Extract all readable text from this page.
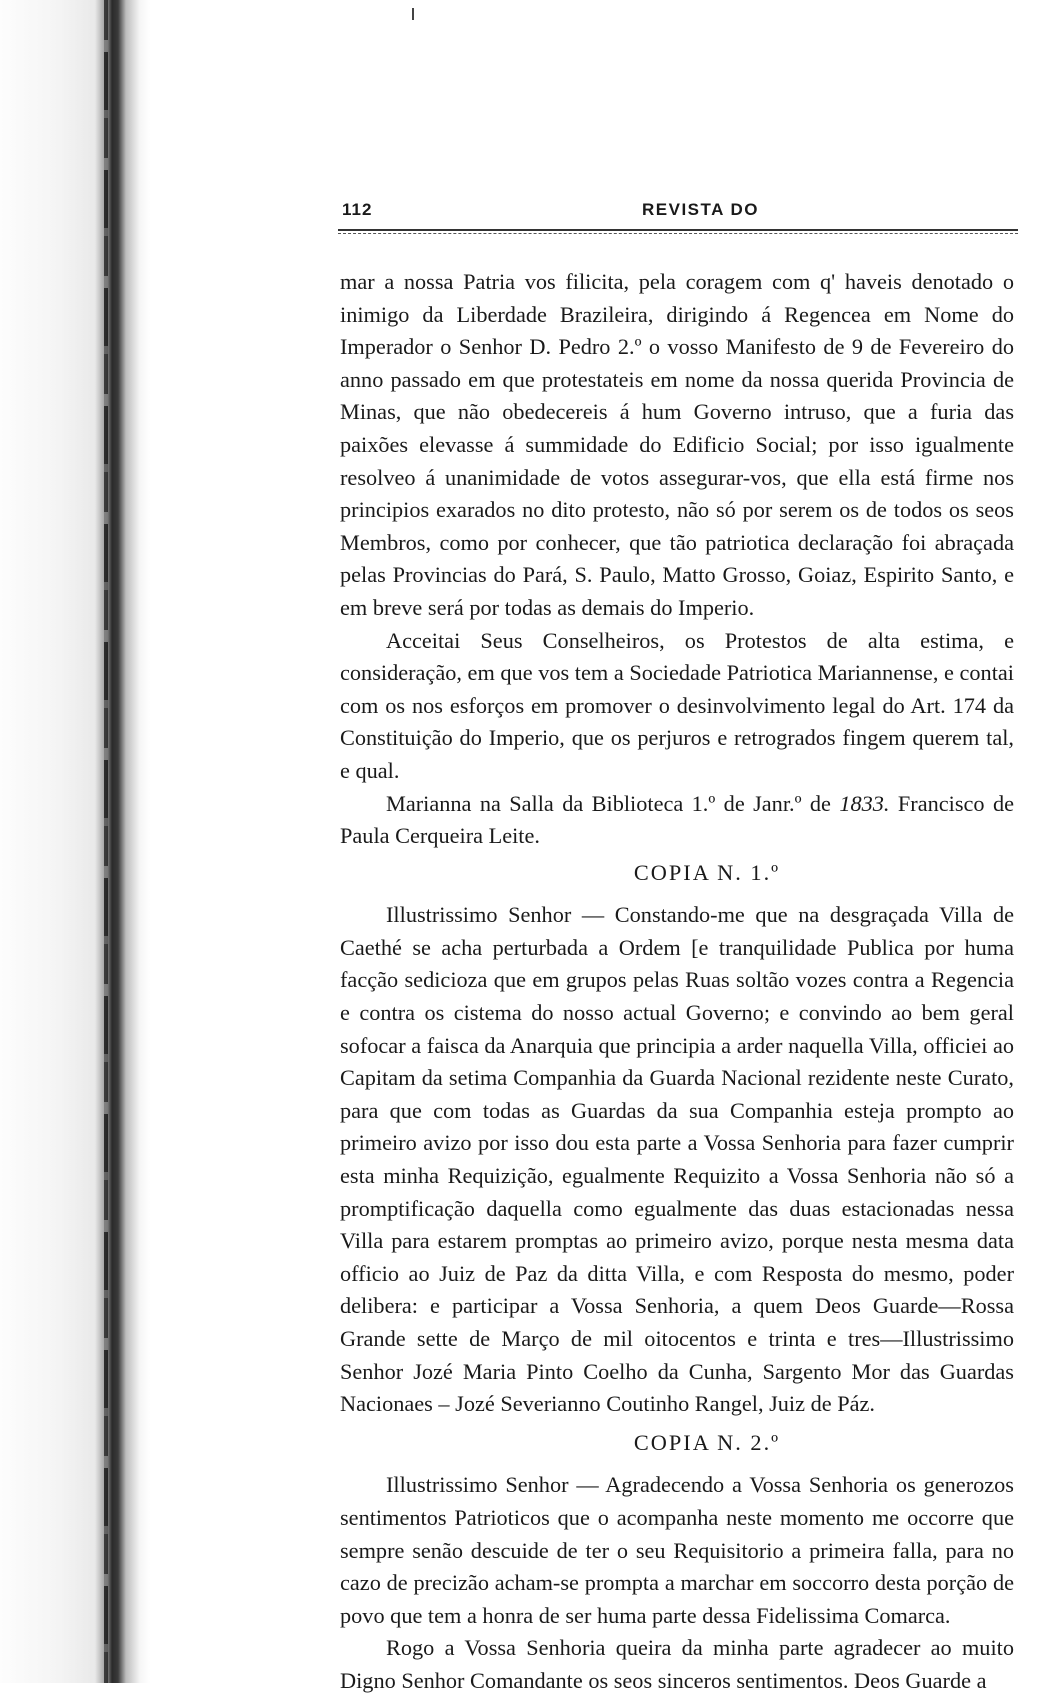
112	REVISTA DO

mar a nossa Patria vos filicita, pela coragem com q' haveis denotado o inimigo da Liberdade Brazileira, dirigindo á Regencea em Nome do Imperador o Senhor D. Pedro 2.º o vosso Manifesto de 9 de Fevereiro do anno passado em que protestateis em nome da nossa querida Provincia de Minas, que não obedecereis á hum Governo intruso, que a furia das paixões elevasse á summidade do Edificio Social; por isso igualmente resolveo á unanimidade de votos assegurar-vos, que ella está firme nos principios exarados no dito protesto, não só por serem os de todos os seos Membros, como por conhecer, que tão patriotica declaração foi abraçada pelas Provincias do Pará, S. Paulo, Matto Grosso, Goiaz, Espirito Santo, e em breve será por todas as demais do Imperio.

Acceitai Seus Conselheiros, os Protestos de alta estima, e consideração, em que vos tem a Sociedade Patriotica Mariannense, e contai com os nos esforços em promover o desinvolvimento legal do Art. 174 da Constituição do Imperio, que os perjuros e retrogrados fingem querem tal, e qual.

Marianna na Salla da Biblioteca 1.º de Janr.º de 1833. Francisco de Paula Cerqueira Leite.

COPIA N. 1.º

Illustrissimo Senhor — Constando-me que na desgraçada Villa de Caethé se acha perturbada a Ordem [e tranquilidade Publica por huma facção sedicioza que em grupos pelas Ruas soltão vozes contra a Regencia e contra os cistema do nosso actual Governo; e convindo ao bem geral sofocar a faisca da Anarquia que principia a arder naquella Villa, officiei ao Capitam da setima Companhia da Guarda Nacional rezidente neste Curato, para que com todas as Guardas da sua Companhia esteja prompto ao primeiro avizo por isso dou esta parte a Vossa Senhoria para fazer cumprir esta minha Requizição, egualmente Requizito a Vossa Senhoria não só a promptificação daquella como egualmente das duas estacionadas nessa Villa para estarem promptas ao primeiro avizo, porque nesta mesma data officio ao Juiz de Paz da ditta Villa, e com Resposta do mesmo, poder delibera: e participar a Vossa Senhoria, a quem Deos Guarde—Rossa Grande sette de Março de mil oitocentos e trinta e tres—Illustrissimo Senhor Jozé Maria Pinto Coelho da Cunha, Sargento Mor das Guardas Nacionaes – Jozé Severianno Coutinho Rangel, Juiz de Páz.

COPIA N. 2.º

Illustrissimo Senhor — Agradecendo a Vossa Senhoria os generozos sentimentos Patrioticos que o acompanha neste momento me occorre que sempre senão descuide de ter o seu Requisitorio a primeira falla, para no cazo de precizão acham-se prompta a marchar em soccorro desta porção de povo que tem a honra de ser huma parte dessa Fidelissima Comarca.

Rogo a Vossa Senhoria queira da minha parte agradecer ao muito Digno Senhor Comandante os seos sinceros sentimentos. Deos Guarde a
